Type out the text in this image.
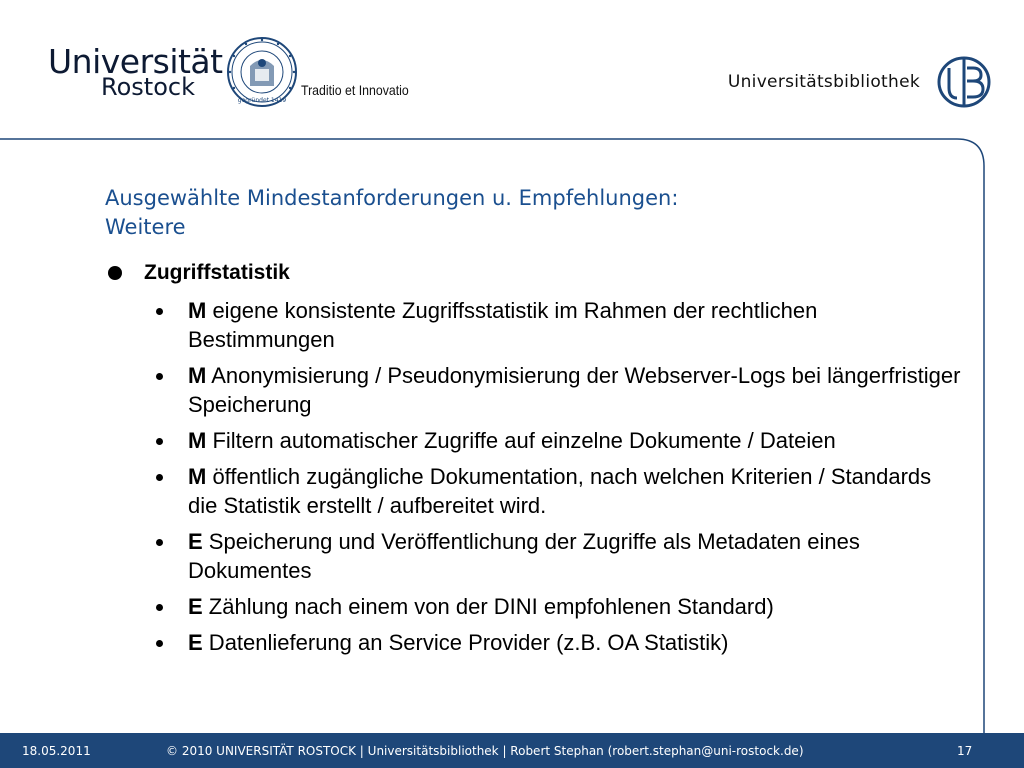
Universität
Rostock	gegründet 1419
Traditio et Innovatio	Universitätsbibliothek
Ausgewählte Mindestanforderungen u. Empfehlungen:
Weitere
Zugriffstatistik
M eigene konsistente Zugriffsstatistik im Rahmen der rechtlichen Bestimmungen
M Anonymisierung / Pseudonymisierung der Webserver-Logs bei längerfristiger Speicherung
M Filtern automatischer Zugriffe auf einzelne Dokumente / Dateien
M öffentlich zugängliche Dokumentation, nach welchen Kriterien / Standards die Statistik erstellt / aufbereitet wird.
E Speicherung und Veröffentlichung der Zugriffe als Metadaten eines Dokumentes
E Zählung nach einem von der DINI empfohlenen Standard)
E Datenlieferung an Service Provider (z.B. OA Statistik)
18.05.2011	© 2010 UNIVERSITÄT ROSTOCK | Universitätsbibliothek | Robert Stephan (robert.stephan@uni-rostock.de)	17
